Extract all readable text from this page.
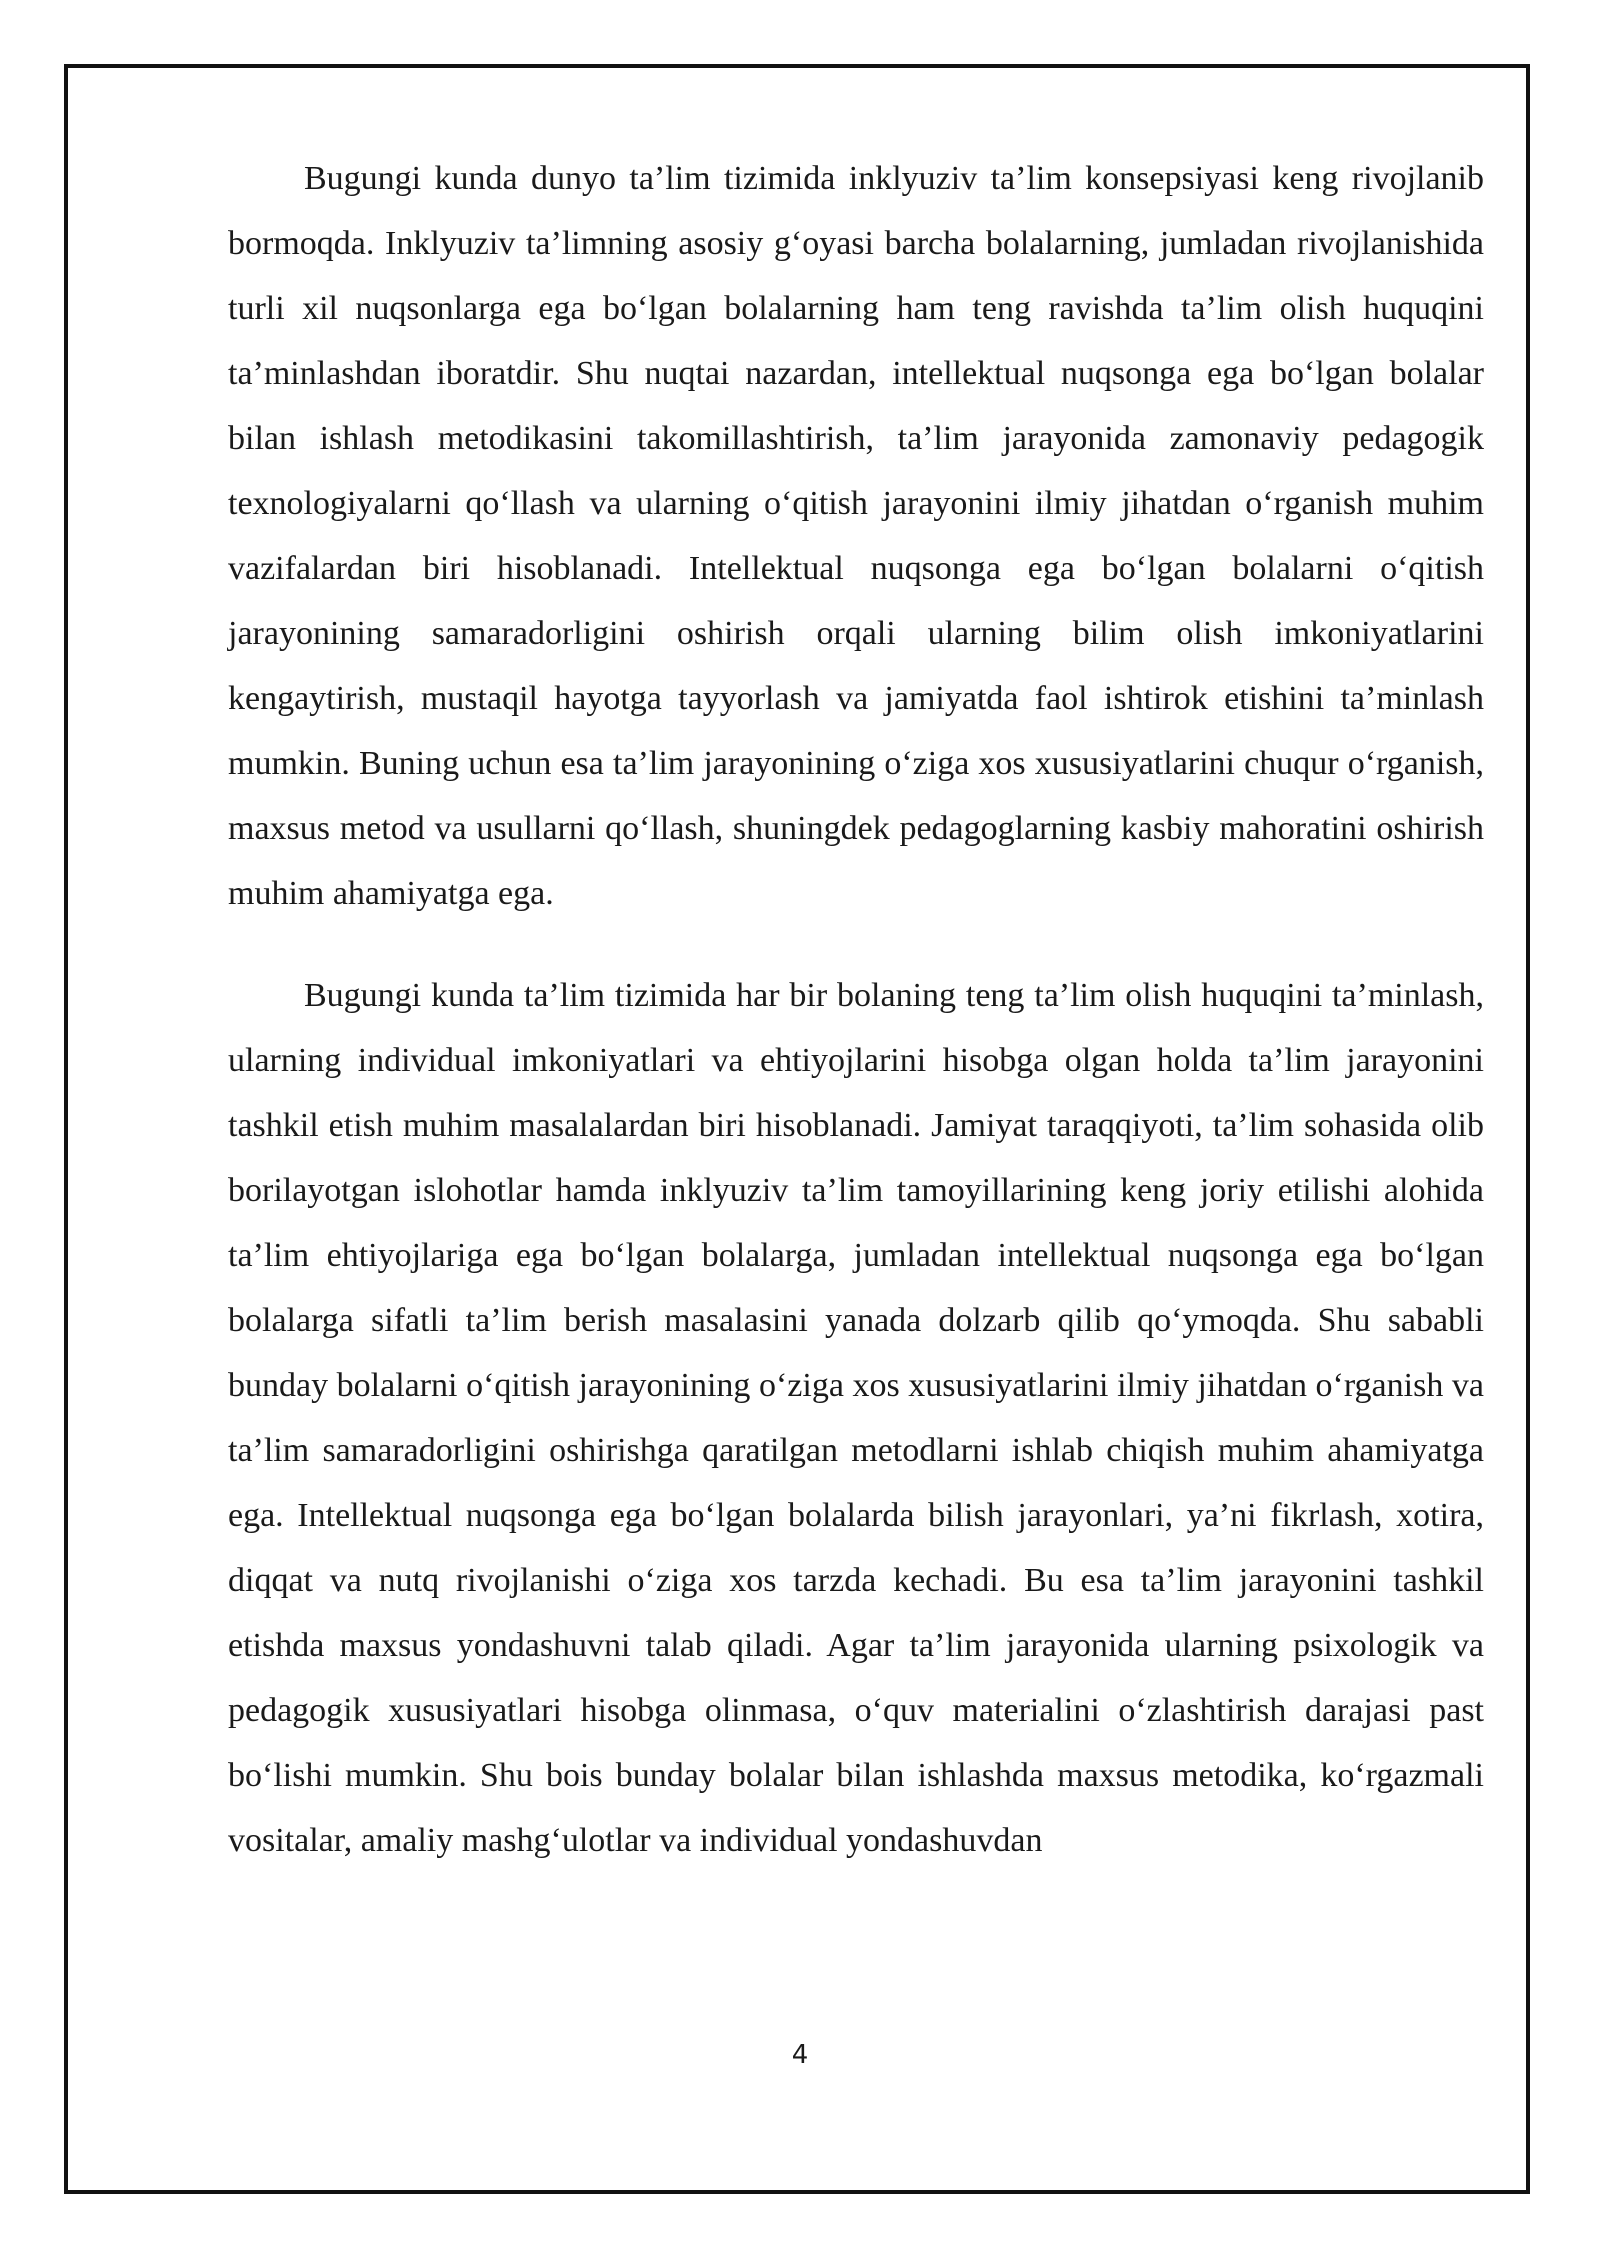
Bugungi kunda dunyo ta’lim tizimida inklyuziv ta’lim konsepsiyasi keng rivojlanib bormoqda. Inklyuziv ta’limning asosiy g‘oyasi barcha bolalarning, jumladan rivojlanishida turli xil nuqsonlarga ega bo‘lgan bolalarning ham teng ravishda ta’lim olish huquqini ta’minlashdan iboratdir. Shu nuqtai nazardan, intellektual nuqsonga ega bo‘lgan bolalar bilan ishlash metodikasini takomillashtirish, ta’lim jarayonida zamonaviy pedagogik texnologiyalarni qo‘llash va ularning o‘qitish jarayonini ilmiy jihatdan o‘rganish muhim vazifalardan biri hisoblanadi. Intellektual nuqsonga ega bo‘lgan bolalarni o‘qitish jarayonining samaradorligini oshirish orqali ularning bilim olish imkoniyatlarini kengaytirish, mustaqil hayotga tayyorlash va jamiyatda faol ishtirok etishini ta’minlash mumkin. Buning uchun esa ta’lim jarayonining o‘ziga xos xususiyatlarini chuqur o‘rganish, maxsus metod va usullarni qo‘llash, shuningdek pedagoglarning kasbiy mahoratini oshirish muhim ahamiyatga ega.

Bugungi kunda ta’lim tizimida har bir bolaning teng ta’lim olish huquqini ta’minlash, ularning individual imkoniyatlari va ehtiyojlarini hisobga olgan holda ta’lim jarayonini tashkil etish muhim masalalardan biri hisoblanadi. Jamiyat taraqqiyoti, ta’lim sohasida olib borilayotgan islohotlar hamda inklyuziv ta’lim tamoyillarining keng joriy etilishi alohida ta’lim ehtiyojlariga ega bo‘lgan bolalarga, jumladan intellektual nuqsonga ega bo‘lgan bolalarga sifatli ta’lim berish masalasini yanada dolzarb qilib qo‘ymoqda. Shu sababli bunday bolalarni o‘qitish jarayonining o‘ziga xos xususiyatlarini ilmiy jihatdan o‘rganish va ta’lim samaradorligini oshirishga qaratilgan metodlarni ishlab chiqish muhim ahamiyatga ega. Intellektual nuqsonga ega bo‘lgan bolalarda bilish jarayonlari, ya’ni fikrlash, xotira, diqqat va nutq rivojlanishi o‘ziga xos tarzda kechadi. Bu esa ta’lim jarayonini tashkil etishda maxsus yondashuvni talab qiladi. Agar ta’lim jarayonida ularning psixologik va pedagogik xususiyatlari hisobga olinmasa, o‘quv materialini o‘zlashtirish darajasi past bo‘lishi mumkin. Shu bois bunday bolalar bilan ishlashda maxsus metodika, ko‘rgazmali vositalar, amaliy mashg‘ulotlar va individual yondashuvdan

4
